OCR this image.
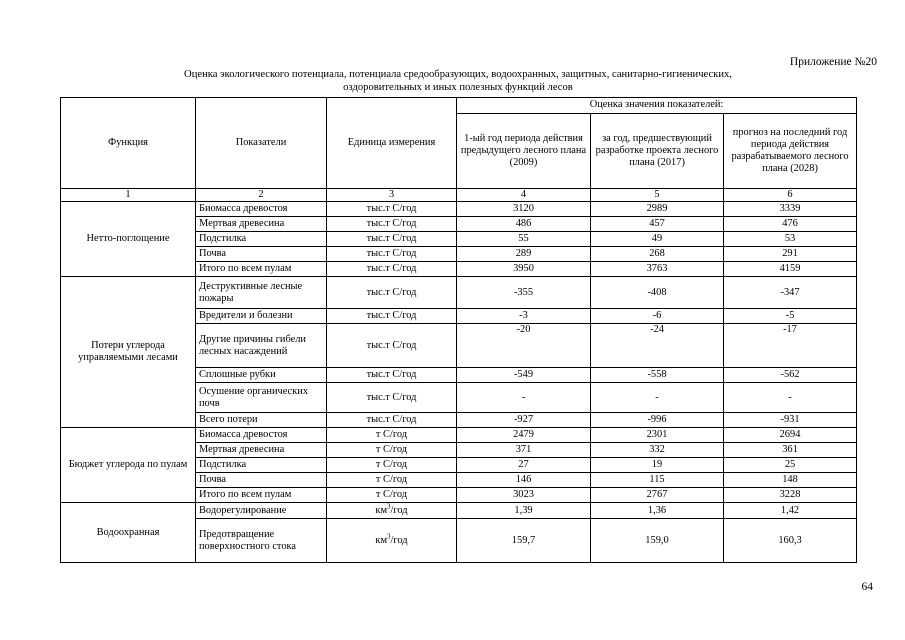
Приложение №20
Оценка экологического потенциала, потенциала средообразующих, водоохранных, защитных, санитарно-гигиенических,
оздоровительных и иных полезных функций лесов
Функция	Показатели	Единица измерения	Оценка значения показателей:		
			1-ый год периода действия предыдущего лесного плана (2009)	за год, предшествующий разработке проекта лесного плана (2017)	прогноз на последний год периода действия разрабатываемого лесного плана (2028)
1	2	3	4	5	6
Нетто-поглощение	Биомасса древостоя	тыс.т С/год	3120	2989	3339
	Мертвая древесина	тыс.т С/год	486	457	476
	Подстилка	тыс.т С/год	55	49	53
	Почва	тыс.т С/год	289	268	291
	Итого по всем пулам	тыс.т С/год	3950	3763	4159
Потери углерода управляемыми лесами	Деструктивные лесные пожары	тыс.т С/год	-355	-408	-347
	Вредители и болезни	тыс.т С/год	-3	-6	-5
	Другие причины гибели лесных насаждений	тыс.т С/год	-20	-24	-17
	Сплошные рубки	тыс.т С/год	-549	-558	-562
	Осушение органических почв	тыс.т С/год	-	-	-
	Всего потери	тыс.т С/год	-927	-996	-931
Бюджет углерода по пулам	Биомасса древостоя	т С/год	2479	2301	2694
	Мертвая древесина	т С/год	371	332	361
	Подстилка	т С/год	27	19	25
	Почва	т С/год	146	115	148
	Итого по всем пулам	т С/год	3023	2767	3228
Водоохранная	Водорегулирование	$км^3$/год	1,39	1,36	1,42
	Предотвращение поверхностного стока	$км^3$/год	159,7	159,0	160,3
64
